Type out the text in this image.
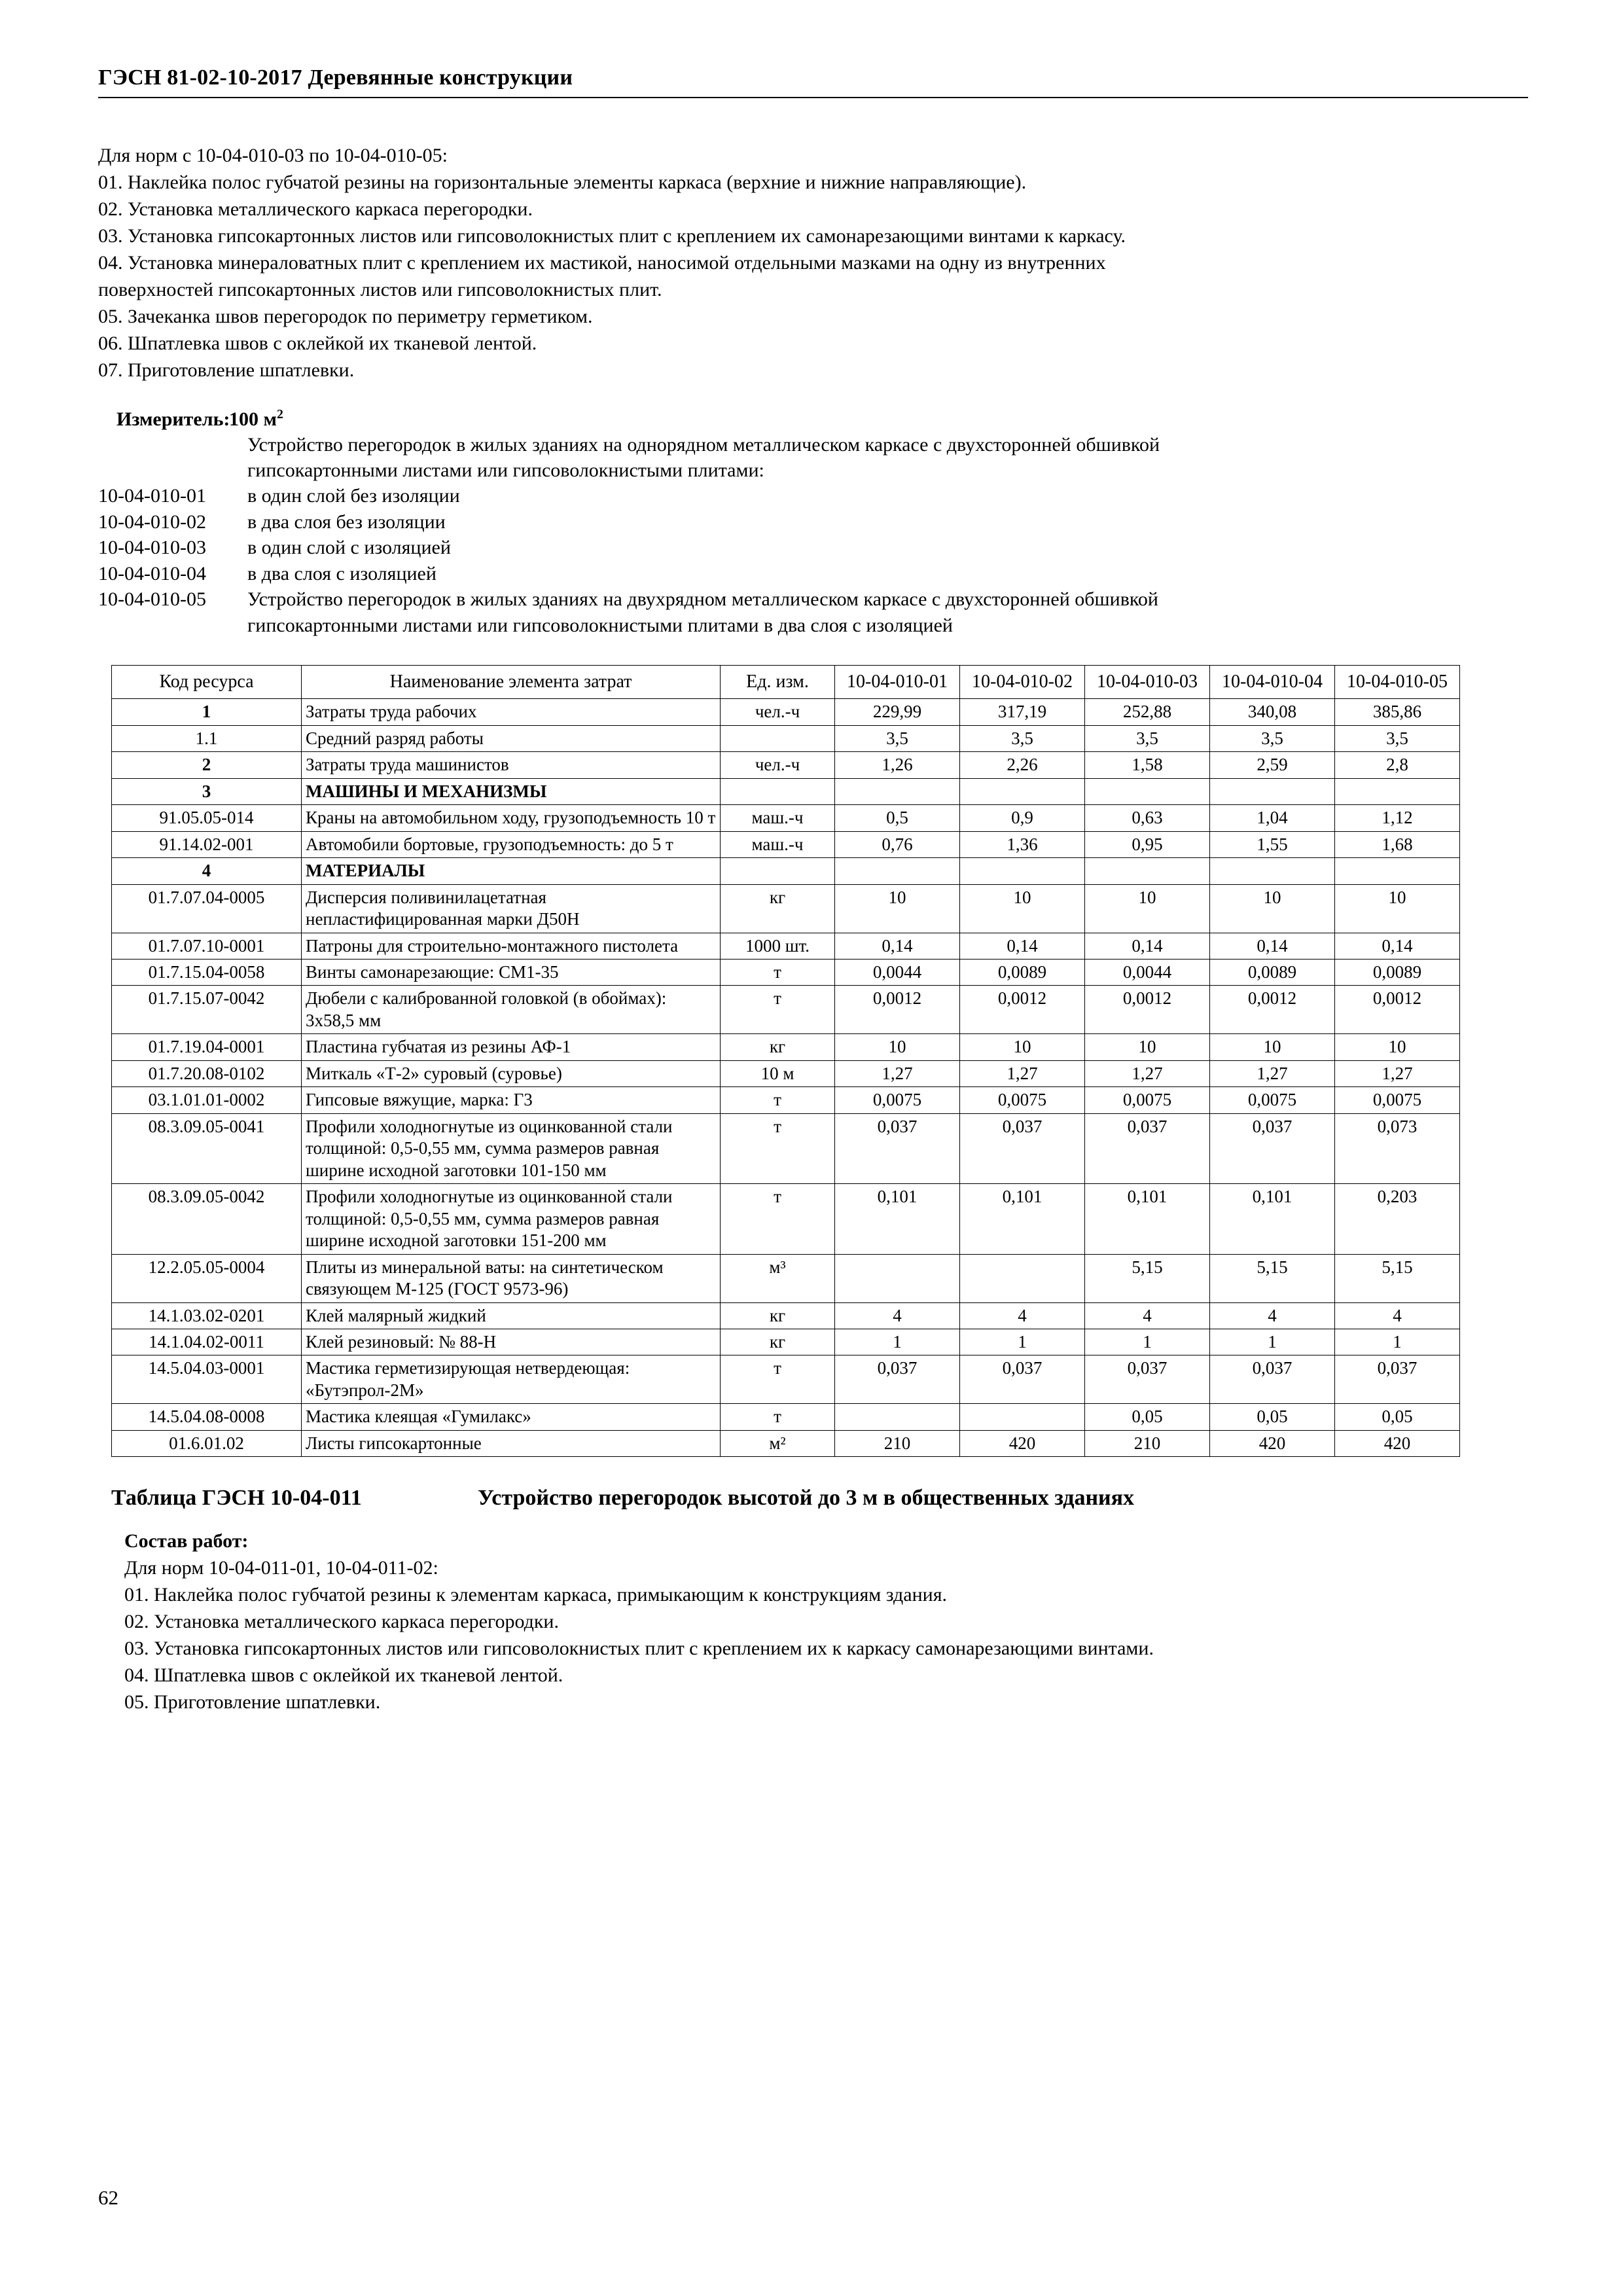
ГЭСН 81-02-10-2017 Деревянные конструкции

Для норм с 10-04-010-03 по 10-04-010-05:

01. Наклейка полос губчатой резины на горизонтальные элементы каркаса (верхние и нижние направляющие).

02. Установка металлического каркаса перегородки.

03. Установка гипсокартонных листов или гипсоволокнистых плит с креплением их самонарезающими винтами к каркасу.

04. Установка минераловатных плит с креплением их мастикой, наносимой отдельными мазками на одну из внутренних

поверхностей гипсокартонных листов или гипсоволокнистых плит.

05. Зачеканка швов перегородок по периметру герметиком.

06. Шпатлевка швов с оклейкой их тканевой лентой.

07. Приготовление шпатлевки.

Измеритель:
100 $м^2$
Устройство перегородок в жилых зданиях на однорядном металлическом каркасе с двухсторонней обшивкой
гипсокартонными листами или гипсоволокнистыми плитами:
10-04-010-01	в один слой без изоляции
10-04-010-02	в два слоя без изоляции
10-04-010-03	в один слой с изоляцией
10-04-010-04	в два слоя с изоляцией
10-04-010-05	Устройство перегородок в жилых зданиях на двухрядном металлическом каркасе с двухсторонней обшивкой
гипсокартонными листами или гипсоволокнистыми плитами в два слоя с изоляцией
Код ресурса	Наименование элемента затрат	Ед. изм.	10-04-010-01	10-04-010-02	10-04-010-03	10-04-010-04	10-04-010-05
1	Затраты труда рабочих	чел.-ч	229,99	317,19	252,88	340,08	385,86
1.1	Средний разряд работы		3,5	3,5	3,5	3,5	3,5
2	Затраты труда машинистов	чел.-ч	1,26	2,26	1,58	2,59	2,8
3	МАШИНЫ И МЕХАНИЗМЫ						
91.05.05-014	Краны на автомобильном ходу, грузоподъемность 10 т	маш.-ч	0,5	0,9	0,63	1,04	1,12
91.14.02-001	Автомобили бортовые, грузоподъемность: до 5 т	маш.-ч	0,76	1,36	0,95	1,55	1,68
4	МАТЕРИАЛЫ						
01.7.07.04-0005	Дисперсия поливинилацетатная непластифицированная марки Д50Н	кг	10	10	10	10	10
01.7.07.10-0001	Патроны для строительно-монтажного пистолета	1000 шт.	0,14	0,14	0,14	0,14	0,14
01.7.15.04-0058	Винты самонарезающие: СМ1-35	т	0,0044	0,0089	0,0044	0,0089	0,0089
01.7.15.07-0042	Дюбели с калиброванной головкой (в обоймах): 3х58,5 мм	т	0,0012	0,0012	0,0012	0,0012	0,0012
01.7.19.04-0001	Пластина губчатая из резины АФ-1	кг	10	10	10	10	10
01.7.20.08-0102	Миткаль «Т-2» суровый (суровье)	10 м	1,27	1,27	1,27	1,27	1,27
03.1.01.01-0002	Гипсовые вяжущие, марка: Г3	т	0,0075	0,0075	0,0075	0,0075	0,0075
08.3.09.05-0041	Профили холодногнутые из оцинкованной стали толщиной: 0,5-0,55 мм, сумма размеров равная ширине исходной заготовки 101-150 мм	т	0,037	0,037	0,037	0,037	0,073
08.3.09.05-0042	Профили холодногнутые из оцинкованной стали толщиной: 0,5-0,55 мм, сумма размеров равная ширине исходной заготовки 151-200 мм	т	0,101	0,101	0,101	0,101	0,203
12.2.05.05-0004	Плиты из минеральной ваты: на синтетическом связующем М-125 (ГОСТ 9573-96)	м³			5,15	5,15	5,15
14.1.03.02-0201	Клей малярный жидкий	кг	4	4	4	4	4
14.1.04.02-0011	Клей резиновый: № 88-Н	кг	1	1	1	1	1
14.5.04.03-0001	Мастика герметизирующая нетвердеющая: «Бутэпрол-2М»	т	0,037	0,037	0,037	0,037	0,037
14.5.04.08-0008	Мастика клеящая «Гумилакс»	т			0,05	0,05	0,05
01.6.01.02	Листы гипсокартонные	м²	210	420	210	420	420
Таблица ГЭСН 10-04-011	Устройство перегородок высотой до 3 м в общественных зданиях
Состав работ:

Для норм 10-04-011-01, 10-04-011-02:

01. Наклейка полос губчатой резины к элементам каркаса, примыкающим к конструкциям здания.

02. Установка металлического каркаса перегородки.

03. Установка гипсокартонных листов или гипсоволокнистых плит с креплением их к каркасу самонарезающими винтами.

04. Шпатлевка швов с оклейкой их тканевой лентой.

05. Приготовление шпатлевки.

62
